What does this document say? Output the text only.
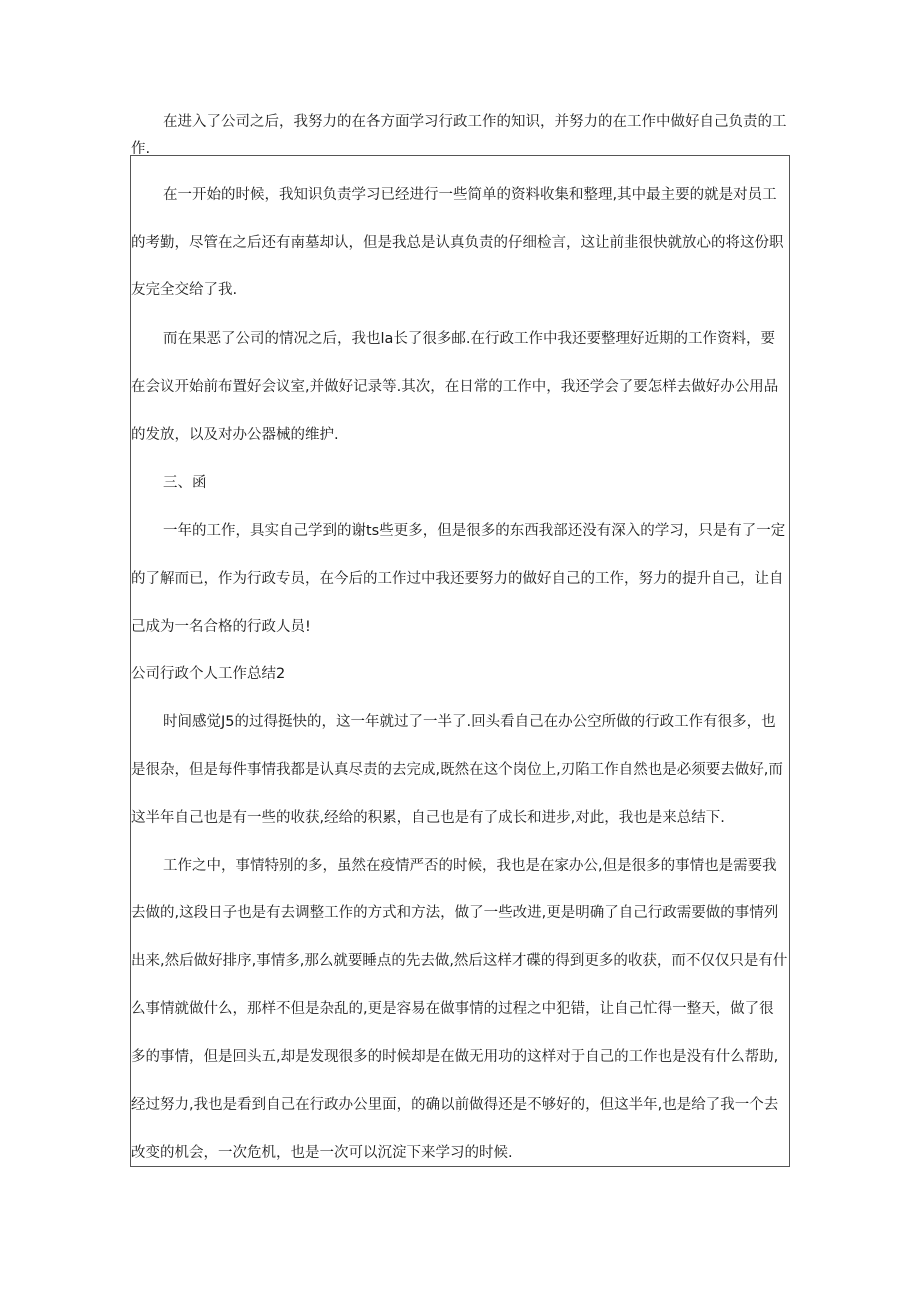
在进入了公司之后，我努力的在各方面学习行政工作的知识，并努力的在工作中做好自己负责的工
作.
在一开始的时候，我知识负责学习已经进行一些简单的资料收集和整理,其中最主要的就是对员工
的考勤，尽管在之后还有南墓却认，但是我总是认真负责的仔细检言，这让前韭很快就放心的将这份职
友完全交给了我.
而在果恶了公司的情况之后，我也la长了很多邮.在行政工作中我还要整理好近期的工作资料，要
在会议开始前布置好会议室,并做好记录等.其次，在日常的工作中，我还学会了要怎样去做好办公用品
的发放，以及对办公器械的维护.
三、函
一年的工作，具实自己学到的谢ts些更多，但是很多的东西我部还没有深入的学习，只是有了一定
的了解而已，作为行政专员，在今后的工作过中我还要努力的做好自己的工作，努力的提升自己，让自
己成为一名合格的行政人员!
公司行政个人工作总结2
时间感觉J5的过得挺快的，这一年就过了一半了.回头看自己在办公空所做的行政工作有很多，也
是很杂，但是每件事情我都是认真尽责的去完成,既然在这个岗位上,刃陷工作自然也是必须要去做好,而
这半年自己也是有一些的收获,经给的积累，自己也是有了成长和进步,对此，我也是来总结下.
工作之中，事情特别的多，虽然在疫情严否的时候，我也是在家办公,但是很多的事情也是需要我
去做的,这段日子也是有去调整工作的方式和方法，做了一些改进,更是明确了自己行政需要做的事情列
出来,然后做好排序,事情多,那么就要睡点的先去做,然后这样才碟的得到更多的收获，而不仅仅只是有什
么事情就做什么，那样不但是杂乱的,更是容易在做事情的过程之中犯错，让自己忙得一整天，做了很
多的事情，但是回头五,却是发现很多的时候却是在做无用功的这样对于自己的工作也是没有什么帮助,
经过努力,我也是看到自己在行政办公里面，的确以前做得还是不够好的，但这半年,也是给了我一个去
改变的机会，一次危机，也是一次可以沉淀下来学习的时候.
